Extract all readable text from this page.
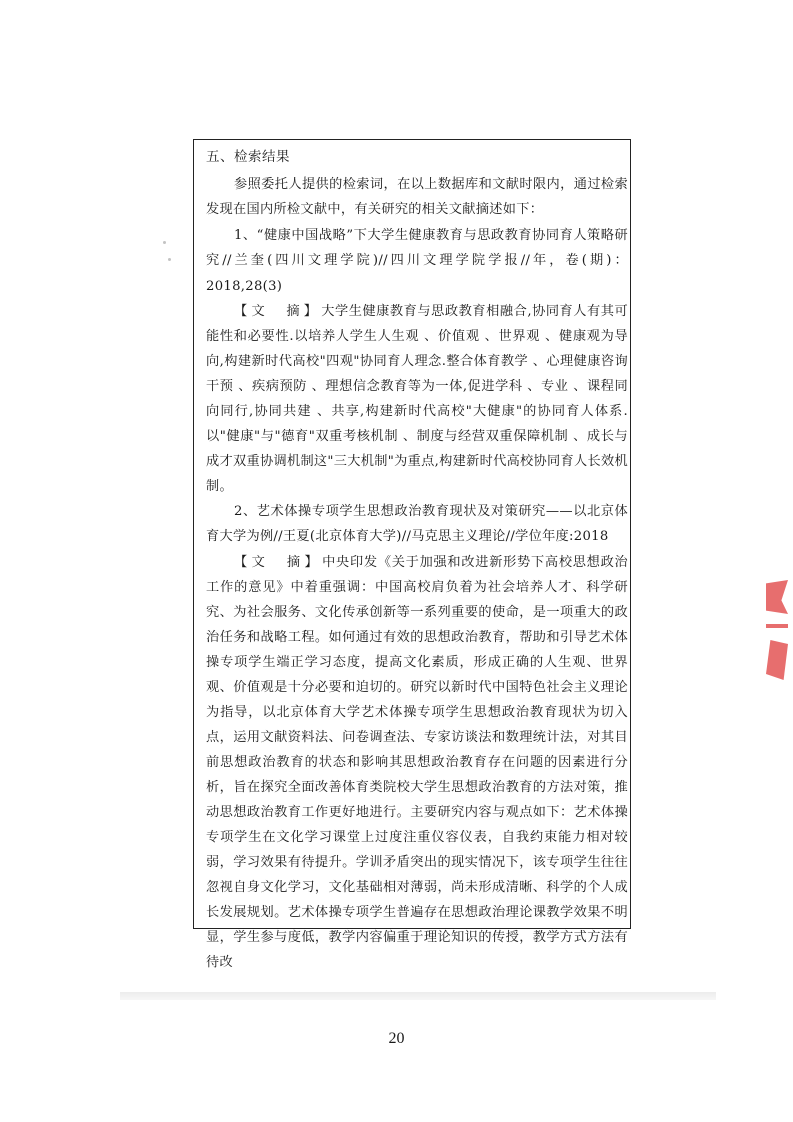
五、检索结果

参照委托人提供的检索词，在以上数据库和文献时限内，通过检索发现在国内所检文献中，有关研究的相关文献摘述如下：

1、“健康中国战略”下大学生健康教育与思政教育协同育人策略研究//兰奎(四川文理学院)//四川文理学院学报//年，卷(期)：2018,28(3)

【文　摘】大学生健康教育与思政教育相融合,协同育人有其可能性和必要性.以培养人学生人生观 、价值观 、世界观 、健康观为导向,构建新时代高校"四观"协同育人理念.整合体育教学 、心理健康咨询干预 、疾病预防 、理想信念教育等为一体,促进学科 、专业 、课程同向同行,协同共建 、共享,构建新时代高校"大健康"的协同育人体系.以"健康"与"德育"双重考核机制 、制度与经营双重保障机制 、成长与成才双重协调机制这"三大机制"为重点,构建新时代高校协同育人长效机制。

2、艺术体操专项学生思想政治教育现状及对策研究——以北京体育大学为例//王夏(北京体育大学)//马克思主义理论//学位年度:2018

【文　摘】中央印发《关于加强和改进新形势下高校思想政治工作的意见》中着重强调：中国高校肩负着为社会培养人才、科学研究、为社会服务、文化传承创新等一系列重要的使命，是一项重大的政治任务和战略工程。如何通过有效的思想政治教育，帮助和引导艺术体操专项学生端正学习态度，提高文化素质，形成正确的人生观、世界观、价值观是十分必要和迫切的。研究以新时代中国特色社会主义理论为指导，以北京体育大学艺术体操专项学生思想政治教育现状为切入点，运用文献资料法、问卷调查法、专家访谈法和数理统计法，对其目前思想政治教育的状态和影响其思想政治教育存在问题的因素进行分析，旨在探究全面改善体育类院校大学生思想政治教育的方法对策，推动思想政治教育工作更好地进行。主要研究内容与观点如下：艺术体操专项学生在文化学习课堂上过度注重仪容仪表，自我约束能力相对较弱，学习效果有待提升。学训矛盾突出的现实情况下，该专项学生往往忽视自身文化学习，文化基础相对薄弱，尚未形成清晰、科学的个人成长发展规划。艺术体操专项学生普遍存在思想政治理论课教学效果不明显，学生参与度低，教学内容偏重于理论知识的传授，教学方式方法有待改

20
